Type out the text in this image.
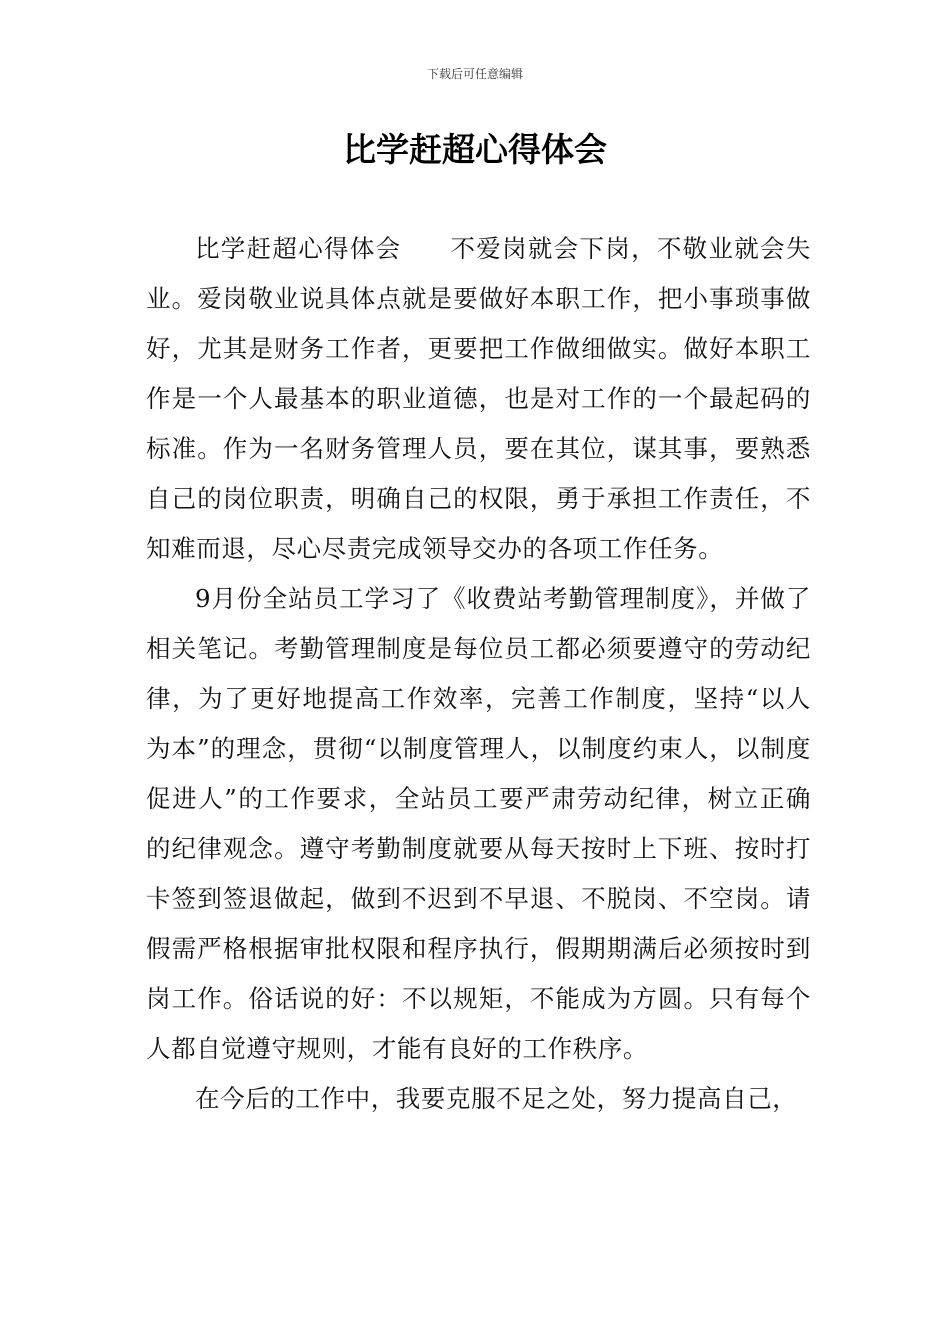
下载后可任意编辑
比学赶超心得体会

比学赶超心得体会 不爱岗就会下岗，不敬业就会失业。爱岗敬业说具体点就是要做好本职工作，把小事琐事做好，尤其是财务工作者，更要把工作做细做实。做好本职工作是一个人最基本的职业道德，也是对工作的一个最起码的标准。作为一名财务管理人员，要在其位，谋其事，要熟悉自己的岗位职责，明确自己的权限，勇于承担工作责任，不知难而退，尽心尽责完成领导交办的各项工作任务。

9月份全站员工学习了《收费站考勤管理制度》，并做了相关笔记。考勤管理制度是每位员工都必须要遵守的劳动纪律，为了更好地提高工作效率，完善工作制度，坚持“以人为本”的理念，贯彻“以制度管理人，以制度约束人，以制度促进人”的工作要求，全站员工要严肃劳动纪律，树立正确的纪律观念。遵守考勤制度就要从每天按时上下班、按时打卡签到签退做起，做到不迟到不早退、不脱岗、不空岗。请假需严格根据审批权限和程序执行，假期期满后必须按时到岗工作。俗话说的好：不以规矩，不能成为方圆。只有每个人都自觉遵守规则，才能有良好的工作秩序。

在今后的工作中，我要克服不足之处，努力提高自己，
